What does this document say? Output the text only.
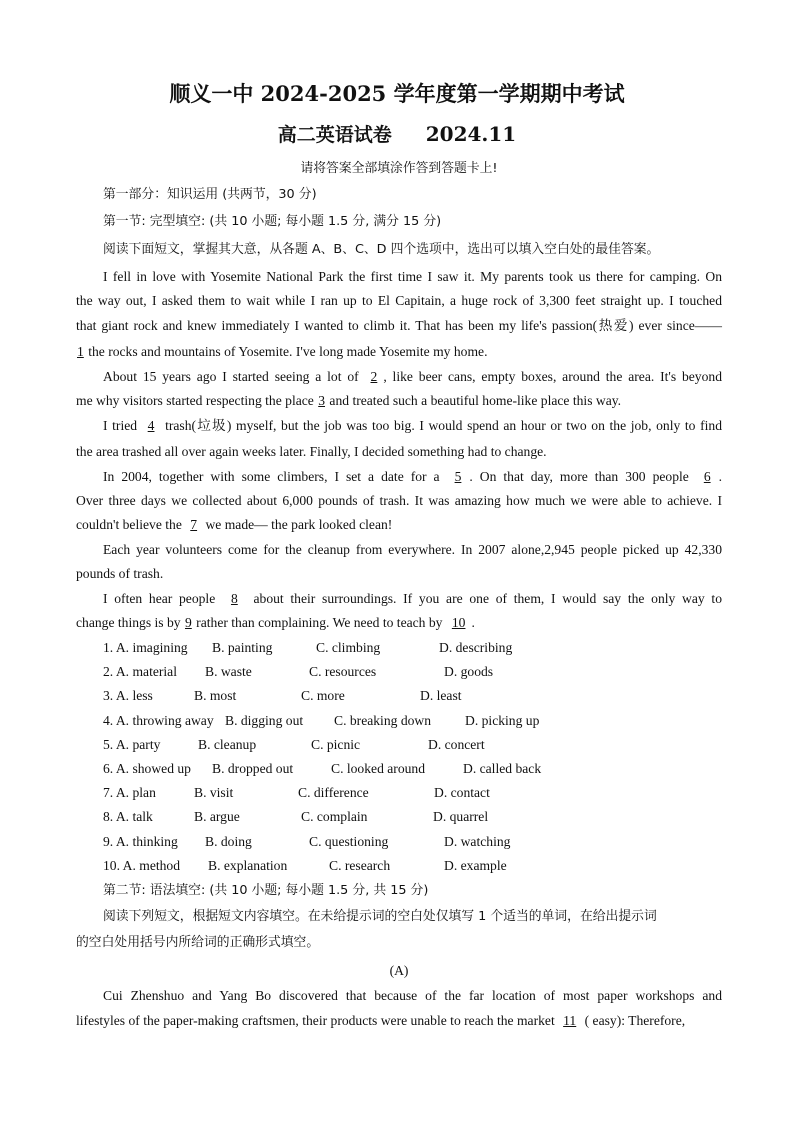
顺义一中 2024-2025 学年度第一学期期中考试
高二英语试卷 2024.11
请将答案全部填涂作答到答题卡上!
第一部分：知识运用 (共两节，30 分)
第一节: 完型填空: (共 10 小题; 每小题 1.5 分, 满分 15 分)
阅读下面短文，掌握其大意，从各题 A、B、C、D 四个选项中，选出可以填入空白处的最佳答案。
I fell in love with Yosemite National Park the first time I saw it. My parents took us there for camping. On
the way out, I asked them to wait while I ran up to El Capitain, a huge rock of 3,300 feet straight up. I touched
that giant rock and knew immediately I wanted to climb it. That has been my life's passion(热爱) ever since——
1 the rocks and mountains of Yosemite. I've long made Yosemite my home.
About 15 years ago I started seeing a lot of 2 , like beer cans, empty boxes, around the area. It's beyond
me why visitors started respecting the place 3 and treated such a beautiful home-like place this way.
I tried 4 trash(垃圾) myself, but the job was too big. I would spend an hour or two on the job, only to find
the area trashed all over again weeks later. Finally, I decided something had to change.
In 2004, together with some climbers, I set a date for a 5 . On that day, more than 300 people 6 .
Over three days we collected about 6,000 pounds of trash. It was amazing how much we were able to achieve. I
couldn't believe the 7 we made— the park looked clean!
Each year volunteers come for the cleanup from everywhere. In 2007 alone,2,945 people picked up 42,330
pounds of trash.
I often hear people 8 about their surroundings. If you are one of them, I would say the only way to
change things is by 9 rather than complaining. We need to teach by 10 .
1. A. imagining B. painting	C. climbing	D. describing
2. A. material B. waste	C. resources	D. goods
3. A. less	B. most	C. more	D. least
4. A. throwing away B. digging out C. breaking down D. picking up
5. A. party	B. cleanup	C. picnic	D. concert
6. A. showed up B. dropped out	C. looked around	D. called back
7. A. plan	B. visit	C. difference	D. contact
8. A. talk	B. argue	C. complain	D. quarrel
9. A. thinking B. doing	C. questioning	D. watching
10. A. method B. explanation	C. research	D. example
第二节: 语法填空: (共 10 小题; 每小题 1.5 分, 共 15 分)
阅读下列短文，根据短文内容填空。在未给提示词的空白处仅填写 1 个适当的单词，在给出提示词
的空白处用括号内所给词的正确形式填空。
(A)
Cui Zhenshuo and Yang Bo discovered that because of the far location of most paper workshops and
lifestyles of the paper-making craftsmen, their products were unable to reach the market 11 ( easy): Therefore,
